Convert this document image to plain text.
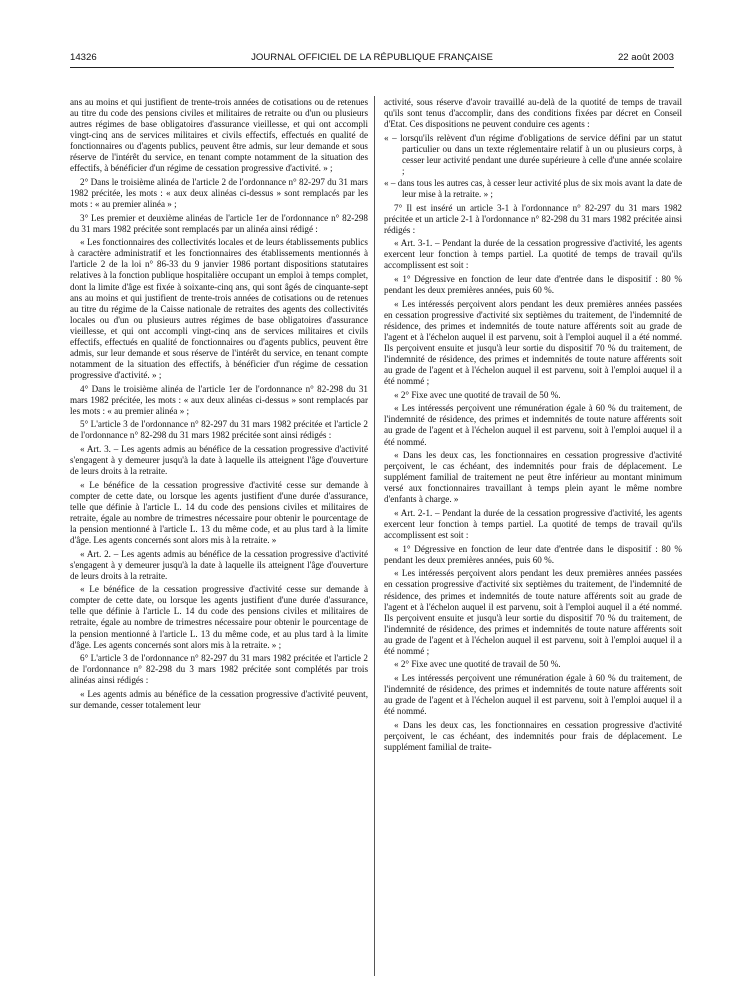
14326	JOURNAL OFFICIEL DE LA RÉPUBLIQUE FRANÇAISE	22 août 2003

ans au moins et qui justifient de trente-trois années de cotisations ou de retenues au titre du code des pensions civiles et militaires de retraite ou d'un ou plusieurs autres régimes de base obligatoires d'assurance vieillesse, et qui ont accompli vingt-cinq ans de services militaires et civils effectifs, effectués en qualité de fonctionnaires ou d'agents publics, peuvent être admis, sur leur demande et sous réserve de l'intérêt du service, en tenant compte notamment de la situation des effectifs, à bénéficier d'un régime de cessation progressive d'activité. » ;

2° Dans le troisième alinéa de l'article 2 de l'ordonnance n° 82-297 du 31 mars 1982 précitée, les mots : « aux deux alinéas ci-dessus » sont remplacés par les mots : « au premier alinéa » ;

3° Les premier et deuxième alinéas de l'article 1er de l'ordonnance n° 82-298 du 31 mars 1982 précitée sont remplacés par un alinéa ainsi rédigé :

« Les fonctionnaires des collectivités locales et de leurs établissements publics à caractère administratif et les fonctionnaires des établissements mentionnés à l'article 2 de la loi n° 86-33 du 9 janvier 1986 portant dispositions statutaires relatives à la fonction publique hospitalière occupant un emploi à temps complet, dont la limite d'âge est fixée à soixante-cinq ans, qui sont âgés de cinquante-sept ans au moins et qui justifient de trente-trois années de cotisations ou de retenues au titre du régime de la Caisse nationale de retraites des agents des collectivités locales ou d'un ou plusieurs autres régimes de base obligatoires d'assurance vieillesse, et qui ont accompli vingt-cinq ans de services militaires et civils effectifs, effectués en qualité de fonctionnaires ou d'agents publics, peuvent être admis, sur leur demande et sous réserve de l'intérêt du service, en tenant compte notamment de la situation des effectifs, à bénéficier d'un régime de cessation progressive d'activité. » ;

4° Dans le troisième alinéa de l'article 1er de l'ordonnance n° 82-298 du 31 mars 1982 précitée, les mots : « aux deux alinéas ci-dessus » sont remplacés par les mots : « au premier alinéa » ;

5° L'article 3 de l'ordonnance n° 82-297 du 31 mars 1982 précitée et l'article 2 de l'ordonnance n° 82-298 du 31 mars 1982 précitée sont ainsi rédigés :

« Art. 3. – Les agents admis au bénéfice de la cessation progressive d'activité s'engagent à y demeurer jusqu'à la date à laquelle ils atteignent l'âge d'ouverture de leurs droits à la retraite.

« Le bénéfice de la cessation progressive d'activité cesse sur demande à compter de cette date, ou lorsque les agents justifient d'une durée d'assurance, telle que définie à l'article L. 14 du code des pensions civiles et militaires de retraite, égale au nombre de trimestres nécessaire pour obtenir le pourcentage de la pension mentionné à l'article L. 13 du même code, et au plus tard à la limite d'âge. Les agents concernés sont alors mis à la retraite. »

« Art. 2. – Les agents admis au bénéfice de la cessation progressive d'activité s'engagent à y demeurer jusqu'à la date à laquelle ils atteignent l'âge d'ouverture de leurs droits à la retraite.

« Le bénéfice de la cessation progressive d'activité cesse sur demande à compter de cette date, ou lorsque les agents justifient d'une durée d'assurance, telle que définie à l'article L. 14 du code des pensions civiles et militaires de retraite, égale au nombre de trimestres nécessaire pour obtenir le pourcentage de la pension mentionné à l'article L. 13 du même code, et au plus tard à la limite d'âge. Les agents concernés sont alors mis à la retraite. » ;

6° L'article 3 de l'ordonnance n° 82-297 du 31 mars 1982 précitée et l'article 2 de l'ordonnance n° 82-298 du 3 mars 1982 précitée sont complétés par trois alinéas ainsi rédigés :

« Les agents admis au bénéfice de la cessation progressive d'activité peuvent, sur demande, cesser totalement leur

activité, sous réserve d'avoir travaillé au-delà de la quotité de temps de travail qu'ils sont tenus d'accomplir, dans des conditions fixées par décret en Conseil d'Etat. Ces dispositions ne peuvent conduire ces agents :

« – lorsqu'ils relèvent d'un régime d'obligations de service défini par un statut particulier ou dans un texte réglementaire relatif à un ou plusieurs corps, à cesser leur activité pendant une durée supérieure à celle d'une année scolaire ;
« – dans tous les autres cas, à cesser leur activité plus de six mois avant la date de leur mise à la retraite. » ;

7° Il est inséré un article 3-1 à l'ordonnance n° 82-297 du 31 mars 1982 précitée et un article 2-1 à l'ordonnance n° 82-298 du 31 mars 1982 précitée ainsi rédigés :

« Art. 3-1. – Pendant la durée de la cessation progressive d'activité, les agents exercent leur fonction à temps partiel. La quotité de temps de travail qu'ils accomplissent est soit :

« 1° Dégressive en fonction de leur date d'entrée dans le dispositif : 80 % pendant les deux premières années, puis 60 %.

« Les intéressés perçoivent alors pendant les deux premières années passées en cessation progressive d'activité six septièmes du traitement, de l'indemnité de résidence, des primes et indemnités de toute nature afférents soit au grade de l'agent et à l'échelon auquel il est parvenu, soit à l'emploi auquel il a été nommé. Ils perçoivent ensuite et jusqu'à leur sortie du dispositif 70 % du traitement, de l'indemnité de résidence, des primes et indemnités de toute nature afférents soit au grade de l'agent et à l'échelon auquel il est parvenu, soit à l'emploi auquel il a été nommé ;

« 2° Fixe avec une quotité de travail de 50 %.

« Les intéressés perçoivent une rémunération égale à 60 % du traitement, de l'indemnité de résidence, des primes et indemnités de toute nature afférents soit au grade de l'agent et à l'échelon auquel il est parvenu, soit à l'emploi auquel il a été nommé.

« Dans les deux cas, les fonctionnaires en cessation progressive d'activité perçoivent, le cas échéant, des indemnités pour frais de déplacement. Le supplément familial de traitement ne peut être inférieur au montant minimum versé aux fonctionnaires travaillant à temps plein ayant le même nombre d'enfants à charge. »

« Art. 2-1. – Pendant la durée de la cessation progressive d'activité, les agents exercent leur fonction à temps partiel. La quotité de temps de travail qu'ils accomplissent est soit :

« 1° Dégressive en fonction de leur date d'entrée dans le dispositif : 80 % pendant les deux premières années, puis 60 %.

« Les intéressés perçoivent alors pendant les deux premières années passées en cessation progressive d'activité six septièmes du traitement, de l'indemnité de résidence, des primes et indemnités de toute nature afférents soit au grade de l'agent et à l'échelon auquel il est parvenu, soit à l'emploi auquel il a été nommé. Ils perçoivent ensuite et jusqu'à leur sortie du dispositif 70 % du traitement, de l'indemnité de résidence, des primes et indemnités de toute nature afférents soit au grade de l'agent et à l'échelon auquel il est parvenu, soit à l'emploi auquel il a été nommé ;

« 2° Fixe avec une quotité de travail de 50 %.

« Les intéressés perçoivent une rémunération égale à 60 % du traitement, de l'indemnité de résidence, des primes et indemnités de toute nature afférents soit au grade de l'agent et à l'échelon auquel il est parvenu, soit à l'emploi auquel il a été nommé.

« Dans les deux cas, les fonctionnaires en cessation progressive d'activité perçoivent, le cas échéant, des indemnités pour frais de déplacement. Le supplément familial de traite-
